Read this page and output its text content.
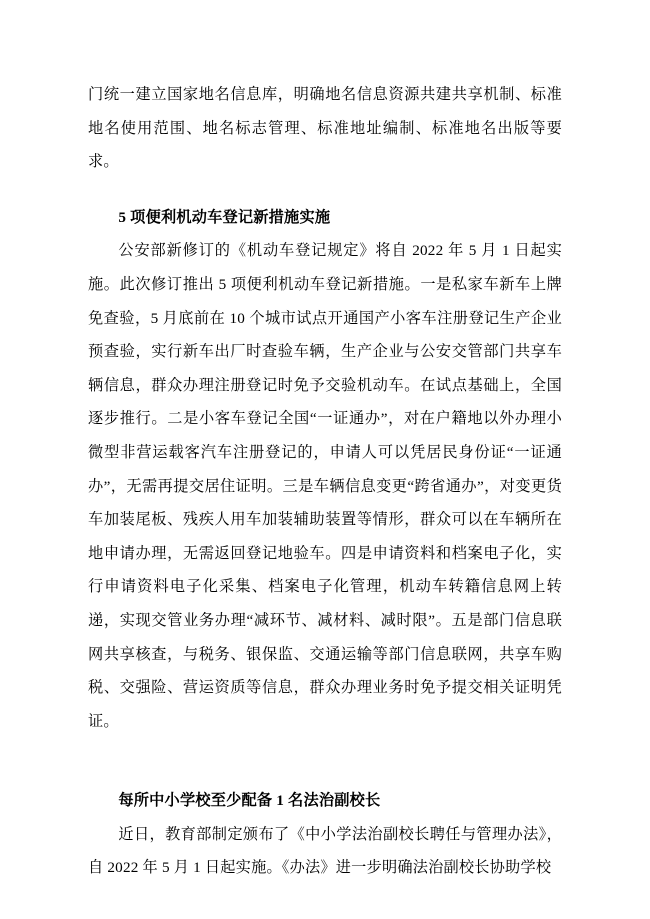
门统一建立国家地名信息库，明确地名信息资源共建共享机制、标准地名使用范围、地名标志管理、标准地址编制、标准地名出版等要求。

5 项便利机动车登记新措施实施

公安部新修订的《机动车登记规定》将自 2022 年 5 月 1 日起实施。此次修订推出 5 项便利机动车登记新措施。一是私家车新车上牌免查验，5 月底前在 10 个城市试点开通国产小客车注册登记生产企业预查验，实行新车出厂时查验车辆，生产企业与公安交管部门共享车辆信息，群众办理注册登记时免予交验机动车。在试点基础上，全国逐步推行。二是小客车登记全国“一证通办”，对在户籍地以外办理小微型非营运载客汽车注册登记的，申请人可以凭居民身份证“一证通办”，无需再提交居住证明。三是车辆信息变更“跨省通办”，对变更货车加装尾板、残疾人用车加装辅助装置等情形，群众可以在车辆所在地申请办理，无需返回登记地验车。四是申请资料和档案电子化，实行申请资料电子化采集、档案电子化管理，机动车转籍信息网上转递，实现交管业务办理“减环节、减材料、减时限”。五是部门信息联网共享核查，与税务、银保监、交通运输等部门信息联网，共享车购税、交强险、营运资质等信息，群众办理业务时免予提交相关证明凭证。

每所中小学校至少配备 1 名法治副校长

近日，教育部制定颁布了《中小学法治副校长聘任与管理办法》，自 2022 年 5 月 1 日起实施。《办法》进一步明确法治副校长协助学校
